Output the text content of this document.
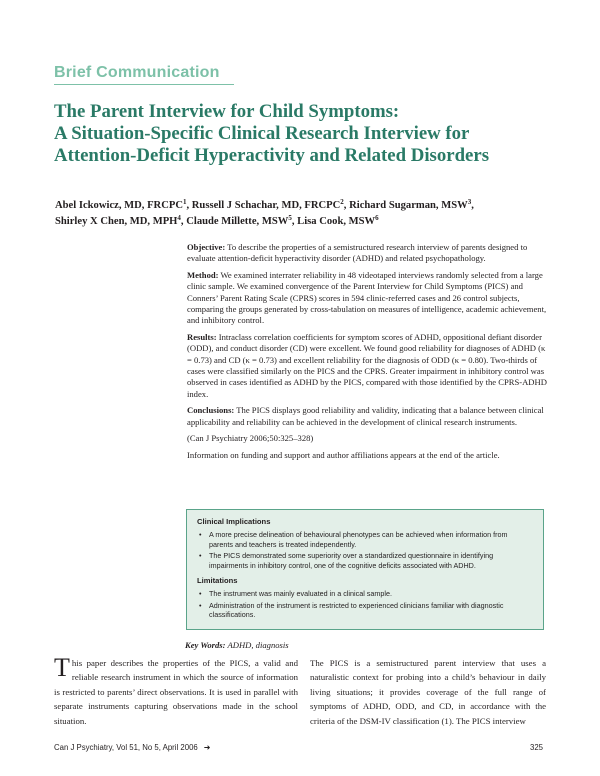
Brief Communication
The Parent Interview for Child Symptoms:
A Situation-Specific Clinical Research Interview for
Attention-Deficit Hyperactivity and Related Disorders
Abel Ickowicz, MD, FRCPC$^1$, Russell J Schachar, MD, FRCPC$^2$, Richard Sugarman, MSW$^3$,
Shirley X Chen, MD, MPH$^4$, Claude Millette, MSW$^5$, Lisa Cook, MSW$^6$

Objective: To describe the properties of a semistructured research interview of parents designed to evaluate attention-deficit hyperactivity disorder (ADHD) and related psychopathology.

Method: We examined interrater reliability in 48 videotaped interviews randomly selected from a large clinic sample. We examined convergence of the Parent Interview for Child Symptoms (PICS) and Conners’ Parent Rating Scale (CPRS) scores in 594 clinic-referred cases and 26 control subjects, comparing the groups generated by cross-tabulation on measures of intelligence, academic achievement, and inhibitory control.

Results: Intraclass correlation coefficients for symptom scores of ADHD, oppositional defiant disorder (ODD), and conduct disorder (CD) were excellent. We found good reliability for diagnoses of ADHD (κ = 0.73) and CD (κ = 0.73) and excellent reliability for the diagnosis of ODD (κ = 0.80). Two-thirds of cases were classified similarly on the PICS and the CPRS. Greater impairment in inhibitory control was observed in cases identified as ADHD by the PICS, compared with those identified by the CPRS-ADHD index.

Conclusions: The PICS displays good reliability and validity, indicating that a balance between clinical applicability and reliability can be achieved in the development of clinical research instruments.

(Can J Psychiatry 2006;50:325–328)

Information on funding and support and author affiliations appears at the end of the article.

Clinical Implications
• A more precise delineation of behavioural phenotypes can be achieved when information from parents and teachers is treated independently.
• The PICS demonstrated some superiority over a standardized questionnaire in identifying impairments in inhibitory control, one of the cognitive deficits associated with ADHD.
Limitations
• The instrument was mainly evaluated in a clinical sample.
• Administration of the instrument is restricted to experienced clinicians familiar with diagnostic classifications.
Key Words: ADHD, diagnosis
This paper describes the properties of the PICS, a valid and reliable research instrument in which the source of information is restricted to parents’ direct observations. It is used in parallel with separate instruments capturing observations made in the school situation.
The PICS is a semistructured parent interview that uses a naturalistic context for probing into a child’s behaviour in daily living situations; it provides coverage of the full range of symptoms of ADHD, ODD, and CD, in accordance with the criteria of the DSM-IV classification (1). The PICS interview
Can J Psychiatry, Vol 51, No 5, April 2006 ➜	325
